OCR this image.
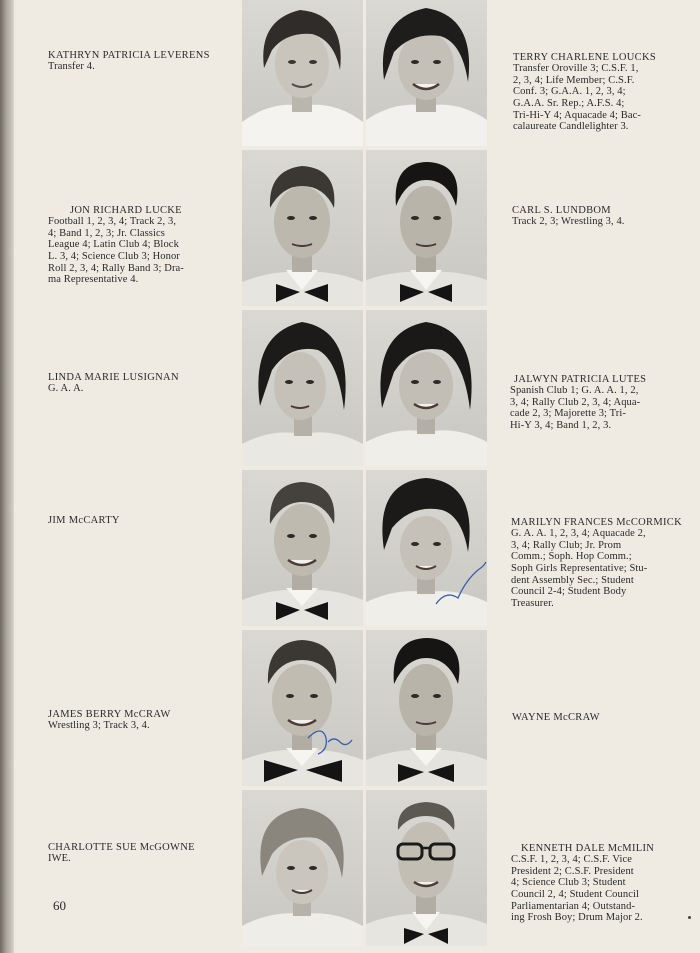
KATHRYN PATRICIA LEVERENS
Transfer 4.

TERRY CHARLENE LOUCKS
Transfer Oroville 3; C.S.F. 1,
2, 3, 4; Life Member; C.S.F.
Conf. 3; G.A.A. 1, 2, 3, 4;
G.A.A. Sr. Rep.; A.F.S. 4;
Tri-Hi-Y 4; Aquacade 4; Bac-
calaureate Candlelighter 3.

JON RICHARD LUCKE
Football 1, 2, 3, 4; Track 2, 3,
4; Band 1, 2, 3; Jr. Classics
League 4; Latin Club 4; Block
L. 3, 4; Science Club 3; Honor
Roll 2, 3, 4; Rally Band 3; Dra-
ma Representative 4.

CARL S. LUNDBOM
Track 2, 3; Wrestling 3, 4.

LINDA MARIE LUSIGNAN
G. A. A.

JALWYN PATRICIA LUTES
Spanish Club 1; G. A. A. 1, 2,
3, 4; Rally Club 2, 3, 4; Aqua-
cade 2, 3; Majorette 3; Tri-
Hi-Y 3, 4; Band 1, 2, 3.

JIM McCARTY	MARILYN FRANCES McCORMICK
G. A. A. 1, 2, 3, 4; Aquacade 2,
3, 4; Rally Club; Jr. Prom
Comm.; Soph. Hop Comm.;
Soph Girls Representative; Stu-
dent Assembly Sec.; Student
Council 2-4; Student Body
Treasurer.

JAMES BERRY McCRAW
Wrestling 3; Track 3, 4.

WAYNE McCRAW

CHARLOTTE SUE McGOWNE
IWE.

KENNETH DALE McMILIN
C.S.F. 1, 2, 3, 4; C.S.F. Vice
President 2; C.S.F. President
4; Science Club 3; Student
Council 2, 4; Student Council
Parliamentarian 4; Outstand-
ing Frosh Boy; Drum Major 2.

60
